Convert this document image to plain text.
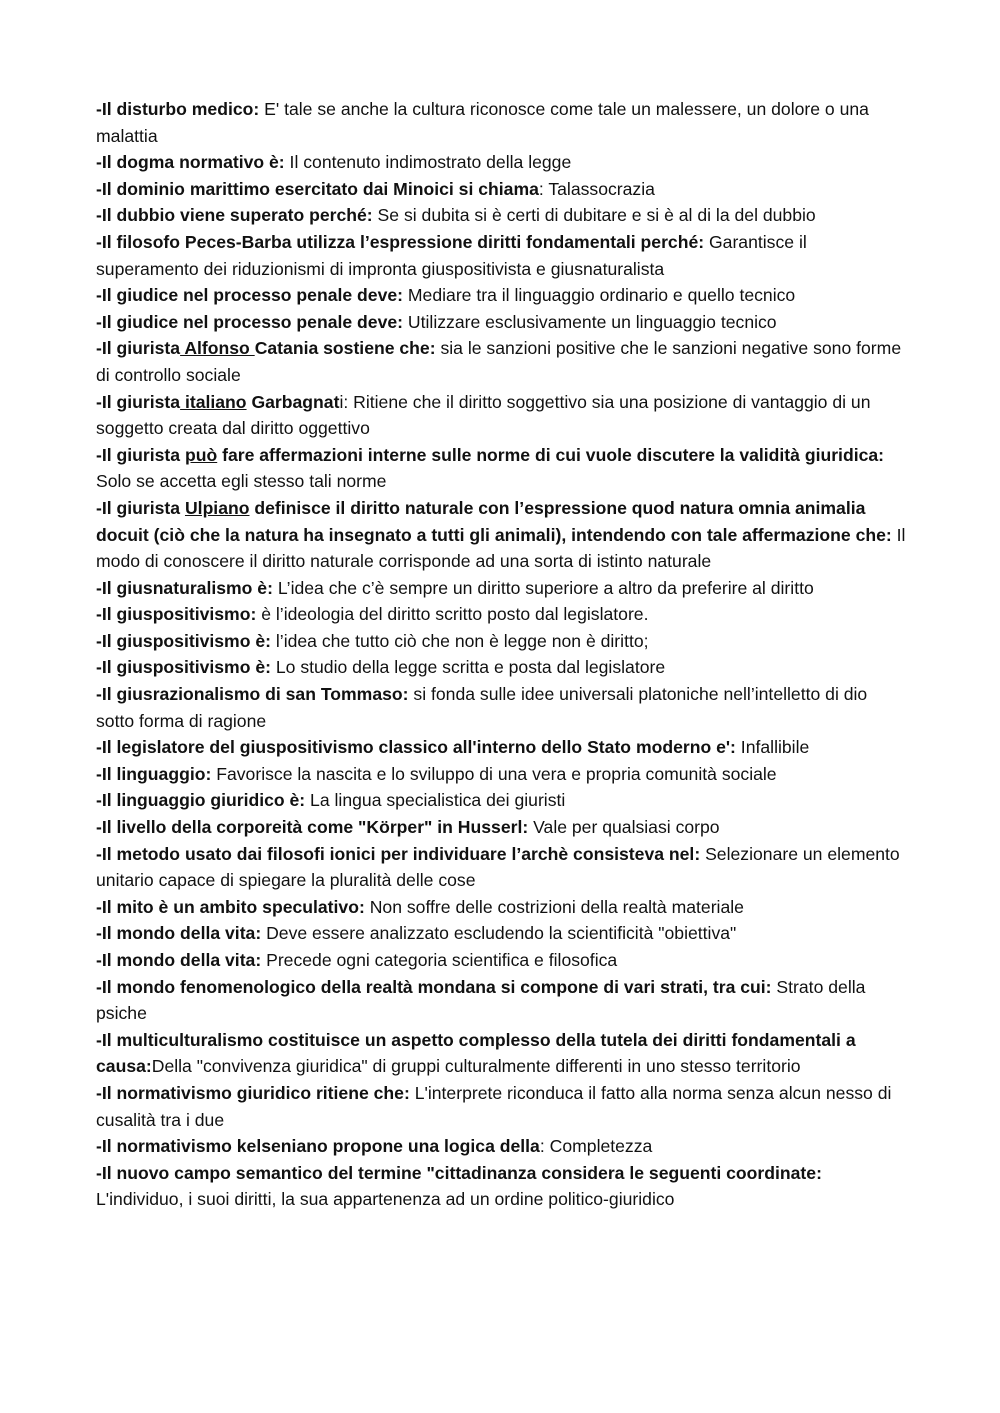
-Il disturbo medico: E' tale se anche la cultura riconosce come tale un malessere, un dolore o una malattia

-Il dogma normativo è: Il contenuto indimostrato della legge

-Il dominio marittimo esercitato dai Minoici si chiama: Talassocrazia

-Il dubbio viene superato perché: Se si dubita si è certi di dubitare e si è al di la del dubbio

-Il filosofo Peces-Barba utilizza l’espressione diritti fondamentali perché: Garantisce il superamento dei riduzionismi di impronta giuspositivista e giusnaturalista

-Il giudice nel processo penale deve: Mediare tra il linguaggio ordinario e quello tecnico

-Il giudice nel processo penale deve: Utilizzare esclusivamente un linguaggio tecnico

-Il giurista Alfonso Catania sostiene che: sia le sanzioni positive che le sanzioni negative sono forme di controllo sociale

-Il giurista italiano Garbagnati: Ritiene che il diritto soggettivo sia una posizione di vantaggio di un soggetto creata dal diritto oggettivo

-Il giurista può fare affermazioni interne sulle norme di cui vuole discutere la validità giuridica: Solo se accetta egli stesso tali norme

-Il giurista Ulpiano definisce il diritto naturale con l’espressione quod natura omnia animalia docuit (ciò che la natura ha insegnato a tutti gli animali), intendendo con tale affermazione che: Il modo di conoscere il diritto naturale corrisponde ad una sorta di istinto naturale

-Il giusnaturalismo è: L’idea che c’è sempre un diritto superiore a altro da preferire al diritto

-Il giuspositivismo: è l’ideologia del diritto scritto posto dal legislatore.

-Il giuspositivismo è: l’idea che tutto ciò che non è legge non è diritto;

-Il giuspositivismo è: Lo studio della legge scritta e posta dal legislatore

-Il giusrazionalismo di san Tommaso: si fonda sulle idee universali platoniche nell’intelletto di dio sotto forma di ragione

-Il legislatore del giuspositivismo classico all'interno dello Stato moderno e': Infallibile

-Il linguaggio: Favorisce la nascita e lo sviluppo di una vera e propria comunità sociale

-Il linguaggio giuridico è: La lingua specialistica dei giuristi

-Il livello della corporeità come "Körper" in Husserl: Vale per qualsiasi corpo

-Il metodo usato dai filosofi ionici per individuare l’archè consisteva nel: Selezionare un elemento unitario capace di spiegare la pluralità delle cose

-Il mito è un ambito speculativo: Non soffre delle costrizioni della realtà materiale

-Il mondo della vita: Deve essere analizzato escludendo la scientificità "obiettiva"

-Il mondo della vita: Precede ogni categoria scientifica e filosofica

-Il mondo fenomenologico della realtà mondana si compone di vari strati, tra cui: Strato della psiche

-Il multiculturalismo costituisce un aspetto complesso della tutela dei diritti fondamentali a causa:Della "convivenza giuridica" di gruppi culturalmente differenti in uno stesso territorio

-Il normativismo giuridico ritiene che: L'interprete riconduca il fatto alla norma senza alcun nesso di cusalità tra i due

-Il normativismo kelseniano propone una logica della: Completezza

-Il nuovo campo semantico del termine "cittadinanza considera le seguenti coordinate: L'individuo, i suoi diritti, la sua appartenenza ad un ordine politico-giuridico
